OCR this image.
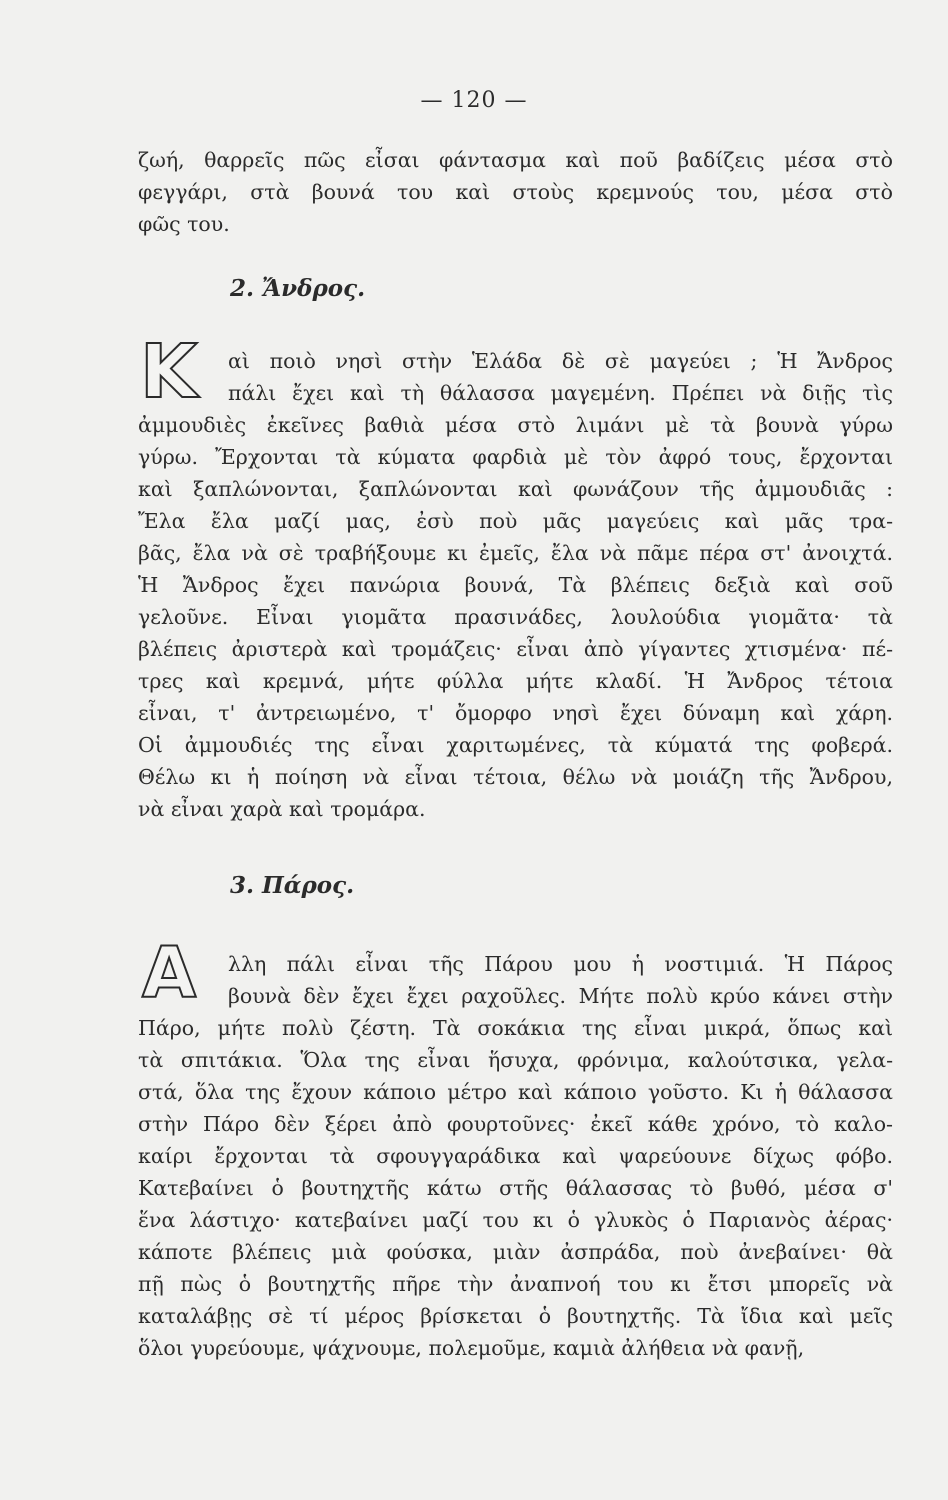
— 120 —
ζωή, θαρρεῖς πῶς εἶσαι φάντασμα καὶ ποῦ βαδίζεις μέσα στὸ
φεγγάρι, στὰ βουνά του καὶ στοὺς κρεμνούς του, μέσα στὸ
φῶς του.
2. Ἄνδρος.
K	αὶ ποιὸ νησὶ στὴν Ἑλάδα δὲ σὲ μαγεύει ; Ἡ Ἄνδρος
πάλι ἔχει καὶ τὴ θάλασσα μαγεμένη. Πρέπει νὰ διῇς τὶς
ἀμμουδιὲς ἐκεῖνες βαθιὰ μέσα στὸ λιμάνι μὲ τὰ βουνὰ γύρω
γύρω. Ἔρχονται τὰ κύματα φαρδιὰ μὲ τὸν ἀφρό τους, ἔρχονται
καὶ ξαπλώνονται, ξαπλώνονται καὶ φωνάζουν τῆς ἀμμουδιᾶς :
Ἔλα ἔλα μαζί μας, ἐσὺ ποὺ μᾶς μαγεύεις καὶ μᾶς τρα-
βᾶς, ἔλα νὰ σὲ τραβήξουμε κι ἐμεῖς, ἔλα νὰ πᾶμε πέρα στ' ἀνοιχτά.
Ἡ Ἄνδρος ἔχει πανώρια βουνά, Τὰ βλέπεις δεξιὰ καὶ σοῦ
γελοῦνε. Εἶναι γιομᾶτα πρασινάδες, λουλούδια γιομᾶτα· τὰ
βλέπεις ἀριστερὰ καὶ τρομάζεις· εἶναι ἀπὸ γίγαντες χτισμένα· πέ-
τρες καὶ κρεμνά, μήτε φύλλα μήτε κλαδί. Ἡ Ἄνδρος τέτοια
εἶναι, τ' ἀντρειωμένο, τ' ὄμορφο νησὶ ἔχει δύναμη καὶ χάρη.
Οἱ ἀμμουδιές της εἶναι χαριτωμένες, τὰ κύματά της φοβερά.
Θέλω κι ἡ ποίηση νὰ εἶναι τέτοια, θέλω νὰ μοιάζη τῆς Ἄνδρου,
νὰ εἶναι χαρὰ καὶ τρομάρα.
3. Πάρος.
A	λλη πάλι εἶναι τῆς Πάρου μου ἡ νοστιμιά. Ἡ Πάρος
βουνὰ δὲν ἔχει ἔχει ραχοῦλες. Μήτε πολὺ κρύο κάνει στὴν
Πάρο, μήτε πολὺ ζέστη. Τὰ σοκάκια της εἶναι μικρά, ὅπως καὶ
τὰ σπιτάκια. Ὅλα της εἶναι ἥσυχα, φρόνιμα, καλούτσικα, γελα-
στά, ὅλα της ἔχουν κάποιο μέτρο καὶ κάποιο γοῦστο. Κι ἡ θάλασσα
στὴν Πάρο δὲν ξέρει ἀπὸ φουρτοῦνες· ἐκεῖ κάθε χρόνο, τὸ καλο-
καίρι ἔρχονται τὰ σφουγγαράδικα καὶ ψαρεύουνε δίχως φόβο.
Κατεβαίνει ὁ βουτηχτῆς κάτω στῆς θάλασσας τὸ βυθό, μέσα σ'
ἕνα λάστιχο· κατεβαίνει μαζί του κι ὁ γλυκὸς ὁ Παριανὸς ἀέρας·
κάποτε βλέπεις μιὰ φούσκα, μιὰν ἀσπράδα, ποὺ ἀνεβαίνει· θὰ
πῇ πὼς ὁ βουτηχτῆς πῆρε τὴν ἀναπνοή του κι ἔτσι μπορεῖς νὰ
καταλάβῃς σὲ τί μέρος βρίσκεται ὁ βουτηχτῆς. Τὰ ἴδια καὶ μεῖς
ὅλοι γυρεύουμε, ψάχνουμε, πολεμοῦμε, καμιὰ ἀλήθεια νὰ φανῇ,
